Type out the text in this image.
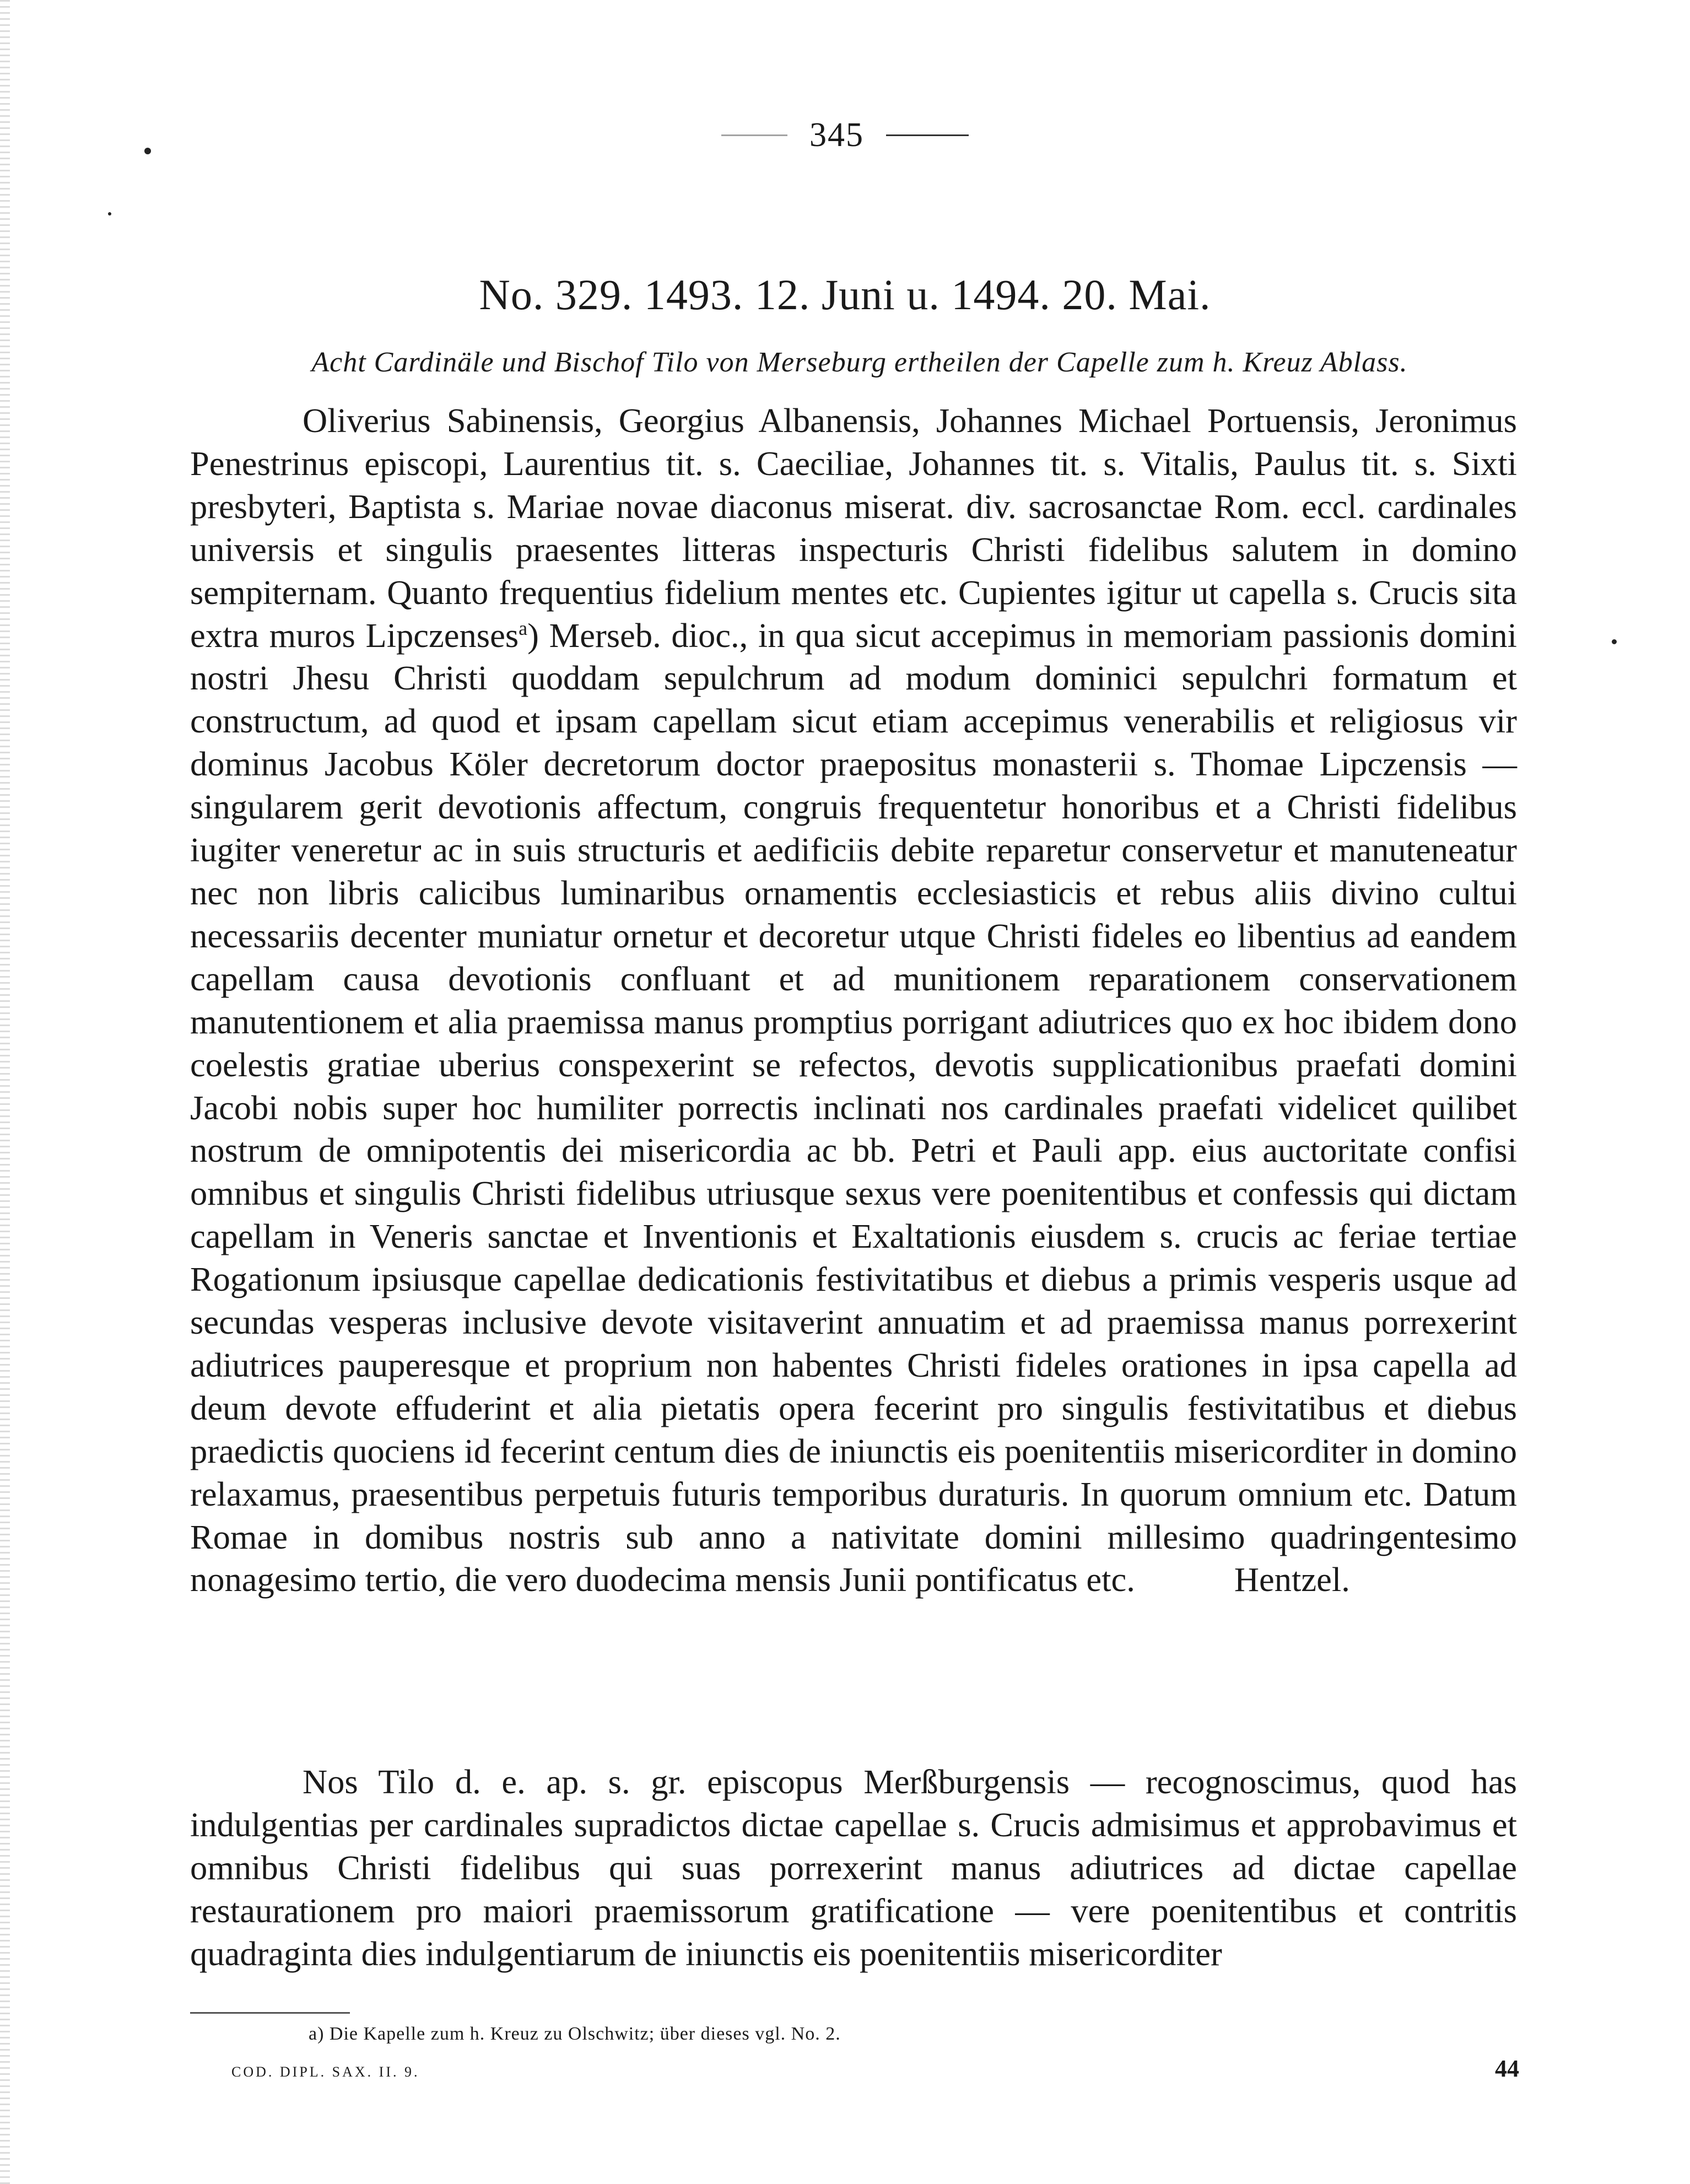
345
No. 329. 1493. 12. Juni u. 1494. 20. Mai.
Acht Cardinäle und Bischof Tilo von Merseburg ertheilen der Capelle zum h. Kreuz Ablass.
Oliverius Sabinensis, Georgius Albanensis, Johannes Michael Portuensis, Jeronimus Penestrinus episcopi, Laurentius tit. s. Caeciliae, Johannes tit. s. Vitalis, Paulus tit. s. Sixti presbyteri, Baptista s. Mariae novae diaconus miserat. div. sacrosanctae Rom. eccl. cardinales universis et singulis praesentes litteras inspecturis Christi fidelibus salutem in domino sempiternam. Quanto frequentius fidelium mentes etc. Cupientes igitur ut capella s. Crucis sita extra muros Lipczenses$^a$) Merseb. dioc., in qua sicut accepimus in memoriam passionis domini nostri Jhesu Christi quoddam sepulchrum ad modum dominici sepulchri formatum et constructum, ad quod et ipsam capellam sicut etiam accepimus venerabilis et religiosus vir dominus Jacobus Köler decretorum doctor praepositus monasterii s. Thomae Lipczensis — singularem gerit devotionis affectum, congruis frequentetur honoribus et a Christi fidelibus iugiter veneretur ac in suis structuris et aedificiis debite reparetur conservetur et manuteneatur nec non libris calicibus luminaribus ornamentis ecclesiasticis et rebus aliis divino cultui necessariis decenter muniatur ornetur et decoretur utque Christi fideles eo libentius ad eandem capellam causa devotionis confluant et ad munitionem reparationem conservationem manutentionem et alia praemissa manus promptius porrigant adiutrices quo ex hoc ibidem dono coelestis gratiae uberius conspexerint se refectos, devotis supplicationibus praefati domini Jacobi nobis super hoc humiliter porrectis inclinati nos cardinales praefati videlicet quilibet nostrum de omnipotentis dei misericordia ac bb. Petri et Pauli app. eius auctoritate confisi omnibus et singulis Christi fidelibus utriusque sexus vere poenitentibus et confessis qui dictam capellam in Veneris sanctae et Inventionis et Exaltationis eiusdem s. crucis ac feriae tertiae Rogationum ipsiusque capellae dedicationis festivitatibus et diebus a primis vesperis usque ad secundas vesperas inclusive devote visitaverint annuatim et ad praemissa manus porrexerint adiutrices pauperesque et proprium non habentes Christi fideles orationes in ipsa capella ad deum devote effuderint et alia pietatis opera fecerint pro singulis festivitatibus et diebus praedictis quociens id fecerint centum dies de iniunctis eis poenitentiis misericorditer in domino relaxamus, praesentibus perpetuis futuris temporibus duraturis. In quorum omnium etc. Datum Romae in domibus nostris sub anno a nativitate domini millesimo quadringentesimo nonagesimo tertio, die vero duodecima mensis Junii pontificatus etc.	Hentzel.
Nos Tilo d. e. ap. s. gr. episcopus Merßburgensis — recognoscimus, quod has indulgentias per cardinales supradictos dictae capellae s. Crucis admisimus et approbavimus et omnibus Christi fidelibus qui suas porrexerint manus adiutrices ad dictae capellae restaurationem pro maiori praemissorum gratificatione — vere poenitentibus et contritis quadraginta dies indulgentiarum de iniunctis eis poenitentiis misericorditer
a) Die Kapelle zum h. Kreuz zu Olschwitz; über dieses vgl. No. 2.
COD. DIPL. SAX. II. 9.	44
